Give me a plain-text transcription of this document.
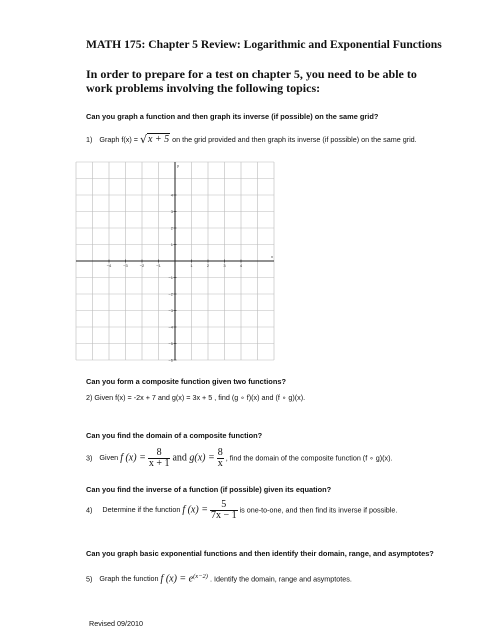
MATH 175: Chapter 5 Review: Logarithmic and Exponential Functions
In order to prepare for a test on chapter 5, you need to be able to work problems involving the following topics:
Can you graph a function and then graph its inverse (if possible) on the same grid?
1) Graph f(x) = √x + 5 on the grid provided and then graph its inverse (if possible) on the same grid.
x
y
−4	−3	−2	−1	1	2	3	4
4
3
2
1
−1
−2
−3
−4
−5
−6
Can you form a composite function given two functions?
2) Given f(x) = -2x + 7 and g(x) = 3x + 5 , find (g ∘ f)(x) and (f ∘ g)(x).
Can you find the domain of a composite function?
3) Given f $(x) = \frac{8}{x + 1}$ and $g(x) = \frac{8}{x}$ , find the domain of the composite function (f ∘ g)(x).
Can you find the inverse of a function (if possible) given its equation?
4) Determine if the function f $(x) = \frac{5}{7x - 1}$ is one-to-one, and then find its inverse if possible.
Can you graph basic exponential functions and then identify their domain, range, and asymptotes?
5) Graph the function f $(x) = e^{(x-2)}$ . Identify the domain, range and asymptotes.
Revised 09/2010
